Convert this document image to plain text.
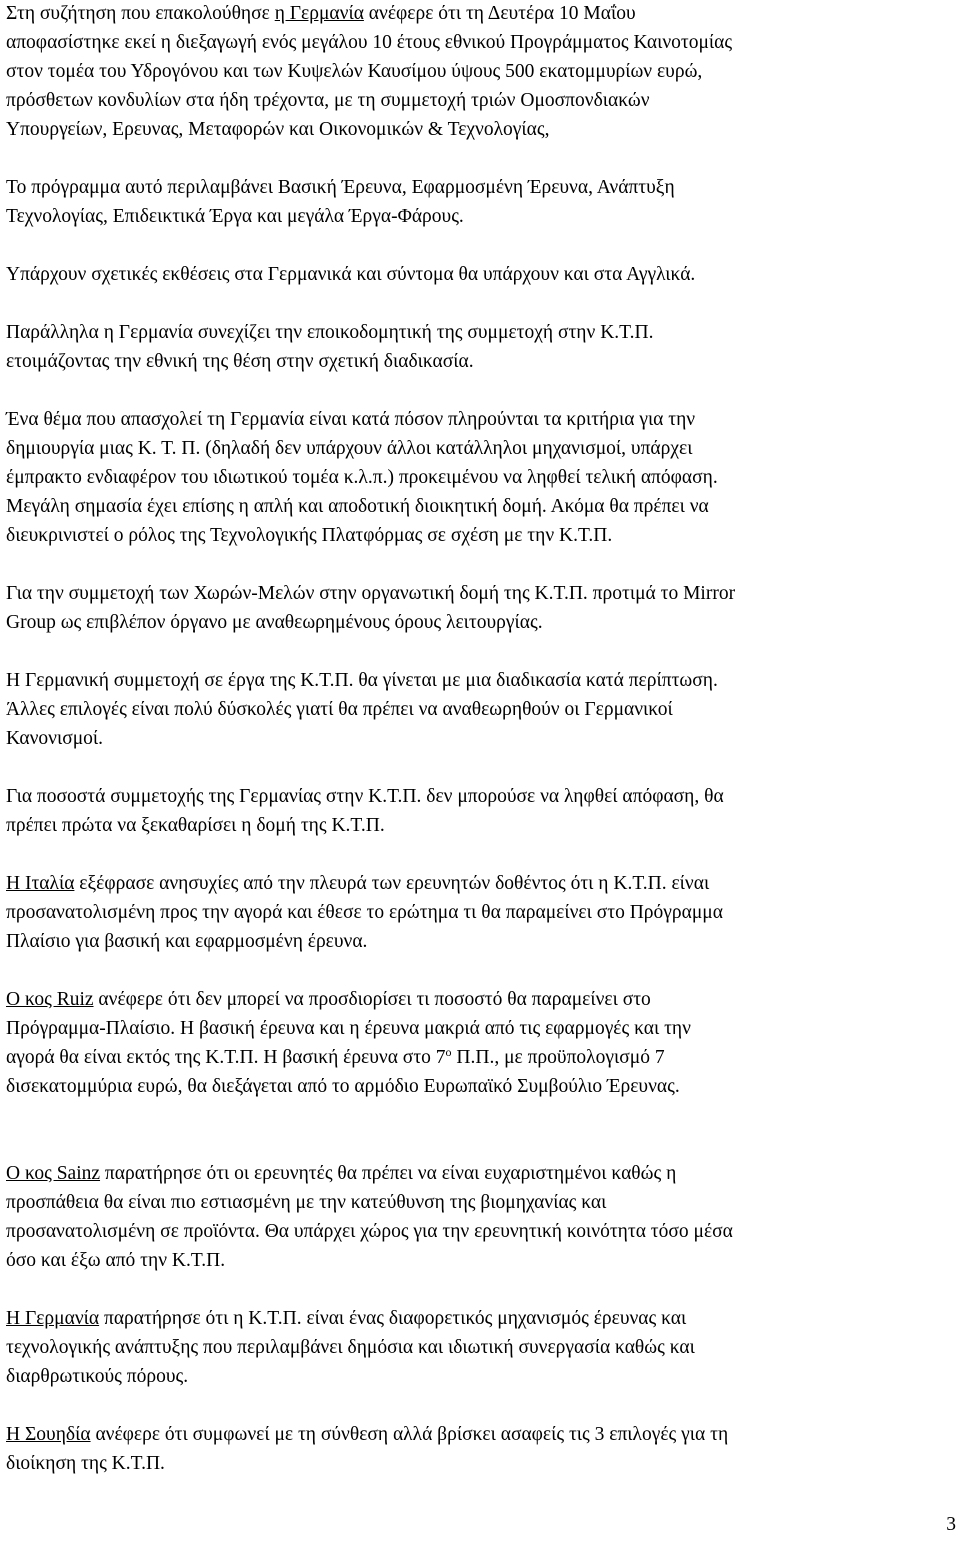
Στη συζήτηση που επακολούθησε η Γερμανία ανέφερε ότι τη Δευτέρα 10 Μαΐου
αποφασίστηκε εκεί η διεξαγωγή ενός μεγάλου 10 έτους εθνικού Προγράμματος Καινοτομίας
στον τομέα του Υδρογόνου και των Κυψελών Καυσίμου ύψους 500 εκατομμυρίων ευρώ,
πρόσθετων κονδυλίων στα ήδη τρέχοντα, με τη συμμετοχή τριών Ομοσπονδιακών
Υπουργείων, Ερευνας, Μεταφορών και Οικονομικών & Τεχνολογίας,
Το πρόγραμμα αυτό περιλαμβάνει Βασική Έρευνα, Εφαρμοσμένη Έρευνα, Ανάπτυξη
Τεχνολογίας, Επιδεικτικά Έργα και μεγάλα Έργα-Φάρους.
Υπάρχουν σχετικές εκθέσεις στα Γερμανικά και σύντομα θα υπάρχουν και στα Αγγλικά.
Παράλληλα η Γερμανία συνεχίζει την εποικοδομητική της συμμετοχή στην Κ.Τ.Π.
ετοιμάζοντας την εθνική της θέση στην σχετική διαδικασία.
Ένα θέμα που απασχολεί τη Γερμανία είναι κατά πόσον πληρούνται τα κριτήρια για την
δημιουργία μιας Κ. Τ. Π. (δηλαδή δεν υπάρχουν άλλοι κατάλληλοι μηχανισμοί, υπάρχει
έμπρακτο ενδιαφέρον του ιδιωτικού τομέα κ.λ.π.) προκειμένου να ληφθεί τελική απόφαση.
Μεγάλη σημασία έχει επίσης η απλή και αποδοτική διοικητική δομή. Ακόμα θα πρέπει να
διευκρινιστεί ο ρόλος της Τεχνολογικής Πλατφόρμας σε σχέση με την Κ.Τ.Π.
Για την συμμετοχή των Χωρών-Μελών στην οργανωτική δομή της Κ.Τ.Π. προτιμά το Mirror
Group ως επιβλέπον όργανο με αναθεωρημένους όρους λειτουργίας.
Η Γερμανική συμμετοχή σε έργα της Κ.Τ.Π. θα γίνεται με μια διαδικασία κατά περίπτωση.
Άλλες επιλογές είναι πολύ δύσκολές γιατί θα πρέπει να αναθεωρηθούν οι Γερμανικοί
Κανονισμοί.
Για ποσοστά συμμετοχής της Γερμανίας στην Κ.Τ.Π. δεν μπορούσε να ληφθεί απόφαση, θα
πρέπει πρώτα να ξεκαθαρίσει η δομή της Κ.Τ.Π.
Η Ιταλία εξέφρασε ανησυχίες από την πλευρά των ερευνητών δοθέντος ότι η Κ.Τ.Π. είναι
προσανατολισμένη προς την αγορά και έθεσε το ερώτημα τι θα παραμείνει στο Πρόγραμμα
Πλαίσιο για βασική και εφαρμοσμένη έρευνα.
Ο κος Ruiz ανέφερε ότι δεν μπορεί να προσδιορίσει τι ποσοστό θα παραμείνει στο
Πρόγραμμα-Πλαίσιο. Η βασική έρευνα και η έρευνα μακριά από τις εφαρμογές και την
αγορά θα είναι εκτός της Κ.Τ.Π. Η βασική έρευνα στο $7^o$ Π.Π., με προϋπολογισμό 7
δισεκατομμύρια ευρώ, θα διεξάγεται από το αρμόδιο Ευρωπαϊκό Συμβούλιο Έρευνας.
Ο κος Sainz παρατήρησε ότι οι ερευνητές θα πρέπει να είναι ευχαριστημένοι καθώς η
προσπάθεια θα είναι πιο εστιασμένη με την κατεύθυνση της βιομηχανίας και
προσανατολισμένη σε προϊόντα. Θα υπάρχει χώρος για την ερευνητική κοινότητα τόσο μέσα
όσο και έξω από την Κ.Τ.Π.
Η Γερμανία παρατήρησε ότι η Κ.Τ.Π. είναι ένας διαφορετικός μηχανισμός έρευνας και
τεχνολογικής ανάπτυξης που περιλαμβάνει δημόσια και ιδιωτική συνεργασία καθώς και
διαρθρωτικούς πόρους.
Η Σουηδία ανέφερε ότι συμφωνεί με τη σύνθεση αλλά βρίσκει ασαφείς τις 3 επιλογές για τη
διοίκηση της Κ.Τ.Π.
3
